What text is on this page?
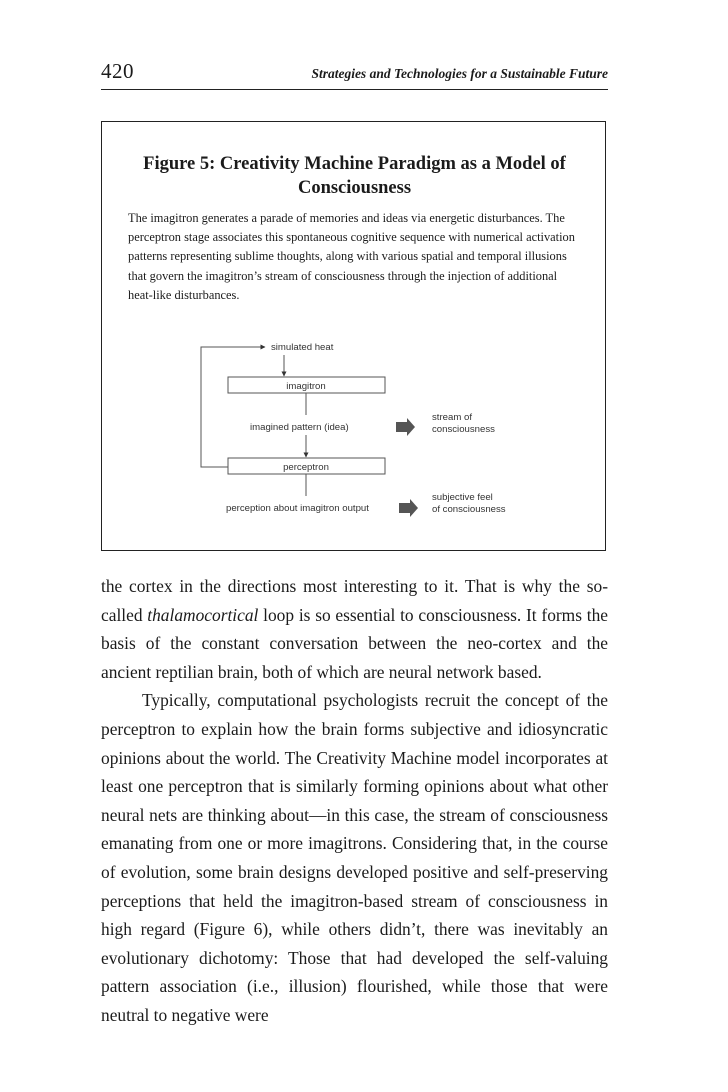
420	Strategies and Technologies for a Sustainable Future
Figure 5: Creativity Machine Paradigm as a Model of Consciousness
The imagitron generates a parade of memories and ideas via energetic disturbances. The perceptron stage associates this spontaneous cognitive sequence with numerical activation patterns representing sublime thoughts, along with various spatial and temporal illusions that govern the imagitron’s stream of consciousness through the injection of additional heat-like disturbances.
simulated heat
imagitron
imagined pattern (idea)
stream of
consciousness
perceptron
perception about imagitron output
subjective feel
of consciousness

the cortex in the directions most interesting to it. That is why the so-called thalamocortical loop is so essential to consciousness. It forms the basis of the constant conversation between the neo-cortex and the ancient reptilian brain, both of which are neural network based.

Typically, computational psychologists recruit the concept of the perceptron to explain how the brain forms subjective and idiosyncratic opinions about the world. The Creativity Machine model incorporates at least one perceptron that is similarly forming opinions about what other neural nets are thinking about—in this case, the stream of consciousness emanating from one or more imagitrons. Considering that, in the course of evolution, some brain designs developed positive and self-preserving perceptions that held the imagitron-based stream of consciousness in high regard (Figure 6), while others didn’t, there was inevitably an evolutionary dichotomy: Those that had developed the self-valuing pattern association (i.e., illusion) flourished, while those that were neutral to negative were
